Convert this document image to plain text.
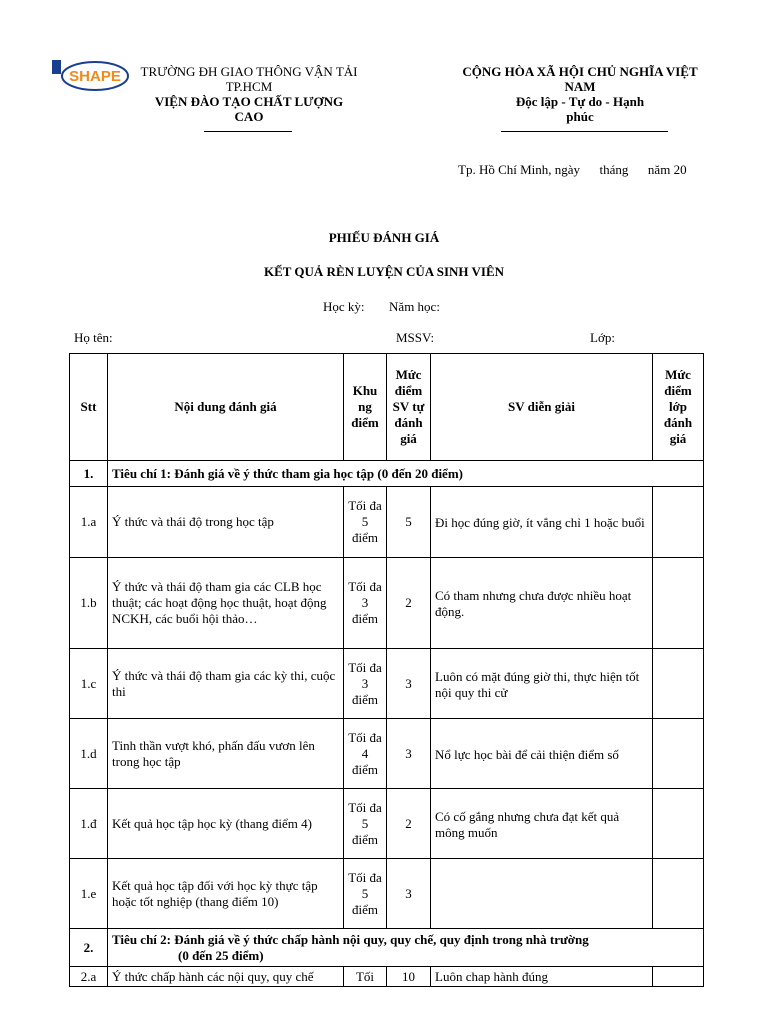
SHAPE TRƯỜNG ĐH GIAO THÔNG VẬN TẢI
TP.HCM
VIỆN ĐÀO TẠO CHẤT LƯỢNG
CAO
CỘNG HÒA XÃ HỘI CHỦ NGHĨA VIỆT
NAM
Độc lập - Tự do - Hạnh
phúc
Tp. Hồ Chí Minh, ngày      tháng      năm 20
PHIẾU ĐÁNH GIÁ
KẾT QUẢ RÈN LUYỆN CỦA SINH VIÊN
Học kỳ: Năm học:
Họ tên:	MSSV:	Lớp:
Stt	Nội dung đánh giá	Khu ng điểm	Mức điểm SV tự đánh giá	SV diễn giải	Mức điểm lớp đánh giá
1.	Tiêu chí 1: Đánh giá về ý thức tham gia học tập (0 đến 20 điểm)				
1.a	Ý thức và thái độ trong học tập	Tối đa 5 điểm	5	Đi học đúng giờ, ít vắng chỉ 1 hoặc buổi	
1.b	Ý thức và thái độ tham gia các CLB học thuật; các hoạt động học thuật, hoạt động NCKH, các buổi hội thảo…	Tối đa 3 điểm	2	Có tham nhưng chưa được nhiều hoạt động.	
1.c	Ý thức và thái độ tham gia các kỳ thi, cuộc thi	Tối đa 3 điểm	3	Luôn có mặt đúng giờ thi, thực hiện tốt nội quy thi cử	
1.d	Tinh thần vượt khó, phấn đấu vươn lên trong học tập	Tối đa 4 điểm	3	Nổ lực học bài để cải thiện điểm số	
1.đ	Kết quả học tập học kỳ (thang điểm 4)	Tối đa 5 điểm	2	Có cố gắng nhưng chưa đạt kết quả mông muốn	
1.e	Kết quả học tập đối với học kỳ thực tập hoặc tốt nghiệp (thang điểm 10)	Tối đa 5 điểm	3		
2.	Tiêu chí 2: Đánh giá về ý thức chấp hành nội quy, quy chế, quy định trong nhà trường
(0 đến 25 điểm)				

2.a	Ý thức chấp hành các nội quy, quy chế	Tối	10	Luôn chap hành đúng	
